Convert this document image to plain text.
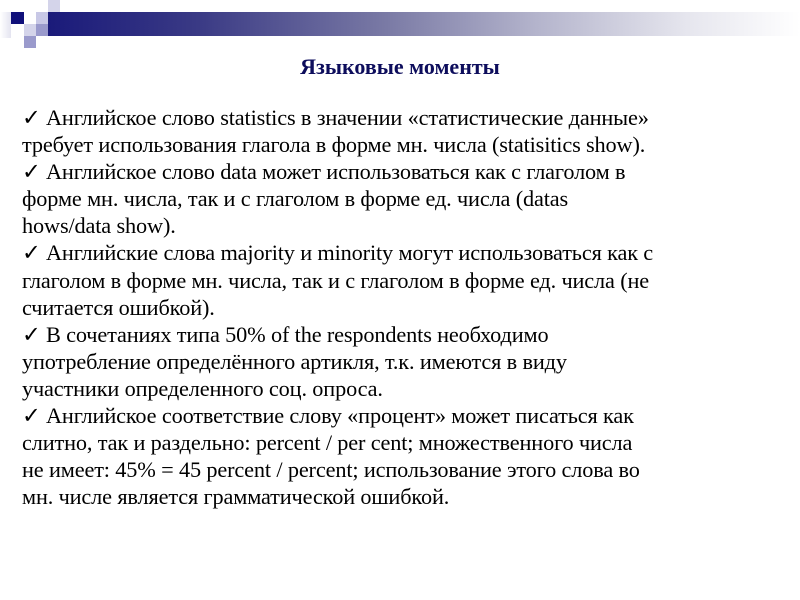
Языковые моменты
✓ Английское слово statistics в значении «статистические данные»
требует использования глагола в форме мн. числа (statisitics show).
✓ Английское слово data может использоваться как с глаголом в
форме мн. числа, так и с глаголом в форме ед. числа (datas
hows/data show).
✓ Английские слова majority и minority могут использоваться как с
глаголом в форме мн. числа, так и с глаголом в форме ед. числа (не
считается ошибкой).
✓ В сочетаниях типа 50% of the respondents необходимо
употребление определённого артикля, т.к. имеются в виду
участники определенного соц. опроса.
✓ Английское соответствие слову «процент» может писаться как
слитно, так и раздельно: percent / per cent; множественного числа
не имеет: 45% = 45 percent / percent; использование этого слова во
мн. числе является грамматической ошибкой.
